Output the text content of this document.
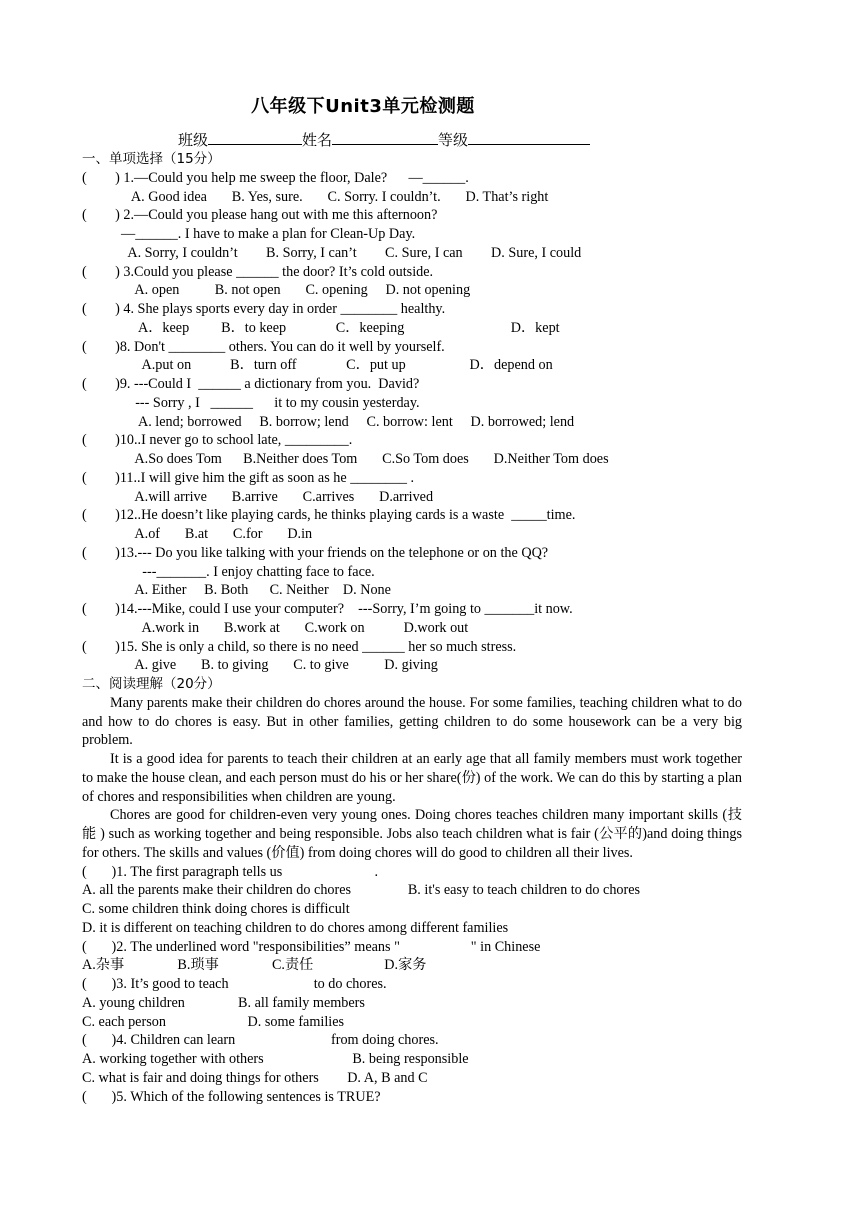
八年级下Unit3单元检测题
班级	姓名	等级
一、单项选择（15分）
(        ) 1.—Could you help me sweep the floor, Dale?      —______.
A. Good idea       B. Yes, sure.       C. Sorry. I couldn’t.       D. That’s right
(        ) 2.—Could you please hang out with me this afternoon?
—______. I have to make a plan for Clean-Up Day.
A. Sorry, I couldn’t        B. Sorry, I can’t        C. Sure, I can        D. Sure, I could
(        ) 3.Could you please ______ the door? It’s cold outside.
A. open          B. not open       C. opening     D. not opening
(        ) 4. She plays sports every day in order ________ healthy.
A．keep         B．to keep              C．keeping                              D．kept
(        )8. Don't ________ others. You can do it well by yourself.
A.put on           B．turn off              C．put up                  D．depend on
(        )9. ---Could I  ______ a dictionary from you.  David?
--- Sorry , I   ______      it to my cousin yesterday.
A. lend; borrowed     B. borrow; lend     C. borrow: lent     D. borrowed; lend
(        )10..I never go to school late, _________.
A.So does Tom      B.Neither does Tom       C.So Tom does       D.Neither Tom does
(        )11..I will give him the gift as soon as he ________ .
A.will arrive       B.arrive       C.arrives       D.arrived
(        )12..He doesn’t like playing cards, he thinks playing cards is a waste  _____time.
A.of       B.at       C.for       D.in
(        )13.--- Do you like talking with your friends on the telephone or on the QQ?
---_______. I enjoy chatting face to face.
A. Either     B. Both      C. Neither    D. None
(        )14.---Mike, could I use your computer?    ---Sorry, I’m going to _______it now.
A.work in       B.work at       C.work on           D.work out
(        )15. She is only a child, so there is no need ______ her so much stress.
A. give       B. to giving       C. to give          D. giving
二、阅读理解（20分）

Many parents make their children do chores around the house. For some families, teaching children what to do and how to do chores is easy. But in other families, getting children to do some housework can be a very big problem.

It is a good idea for parents to teach their children at an early age that all family members must work together to make the house clean, and each person must do his or her share(份) of the work. We can do this by starting a plan of chores and responsibilities when children are young.

Chores are good for children-even very young ones. Doing chores teaches children many important skills (技能 ) such as working together and being responsible. Jobs also teach children what is fair (公平的)and doing things for others. The skills and values (价值) from doing chores will do good to children all their lives.

(       )1. The first paragraph tells us                          .
A. all the parents make their children do chores                B. it's easy to teach children to do chores
C. some children think doing chores is difficult
D. it is different on teaching children to do chores among different families
(       )2. The underlined word "responsibilities” means "                    " in Chinese
A.杂事               B.琐事               C.责任                    D.家务
(       )3. It’s good to teach                        to do chores.
A. young children               B. all family members
C. each person                       D. some families
(       )4. Children can learn                           from doing chores.
A. working together with others                         B. being responsible
C. what is fair and doing things for others        D. A, B and C
(       )5. Which of the following sentences is TRUE?
